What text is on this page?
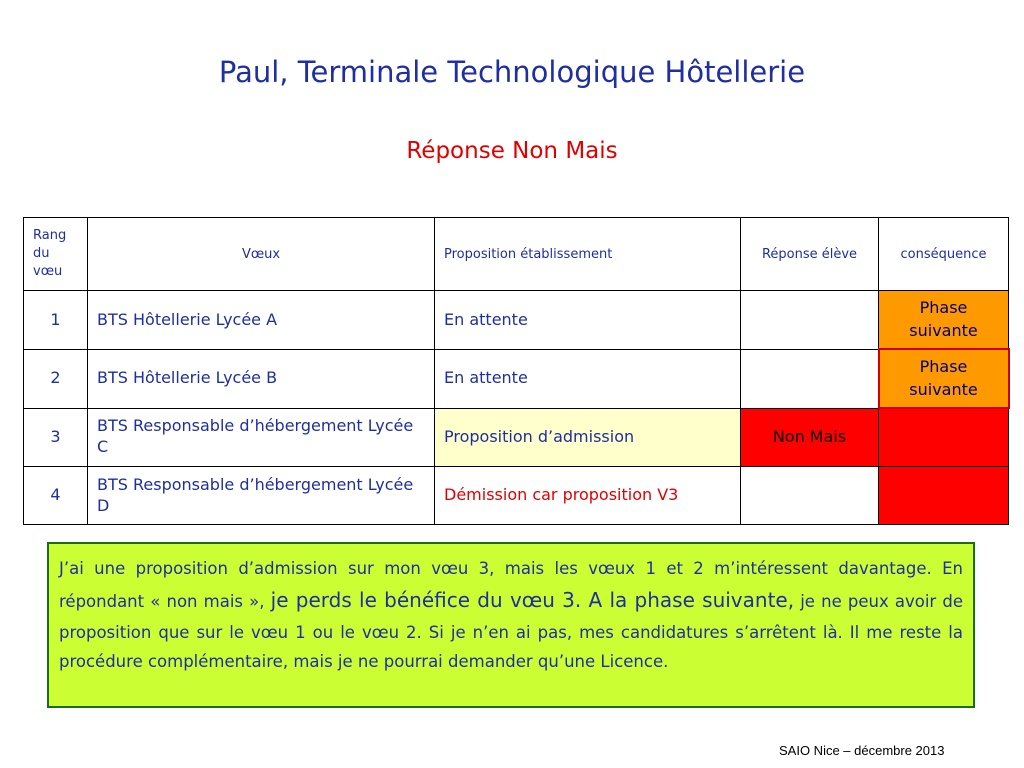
Paul, Terminale Technologique Hôtellerie
Réponse Non Mais
Rang du vœu	Vœux	Proposition établissement	Réponse élève	conséquence
1	BTS Hôtellerie Lycée A	En attente		Phase suivante
2	BTS Hôtellerie Lycée B	En attente		Phase suivante
3	BTS Responsable d’hébergement Lycée C	Proposition d’admission	Non Mais	
4	BTS Responsable d’hébergement Lycée D	Démission car proposition V3		
J’ai une proposition d’admission sur mon vœu 3, mais les vœux 1 et 2 m’intéressent davantage. En répondant « non mais », je perds le bénéfice du vœu 3. A la phase suivante, je ne peux avoir de proposition que sur le vœu 1 ou le vœu 2. Si je n’en ai pas, mes candidatures s’arrêtent là. Il me reste la procédure complémentaire, mais je ne pourrai demander qu’une Licence.
SAIO Nice – décembre 2013
